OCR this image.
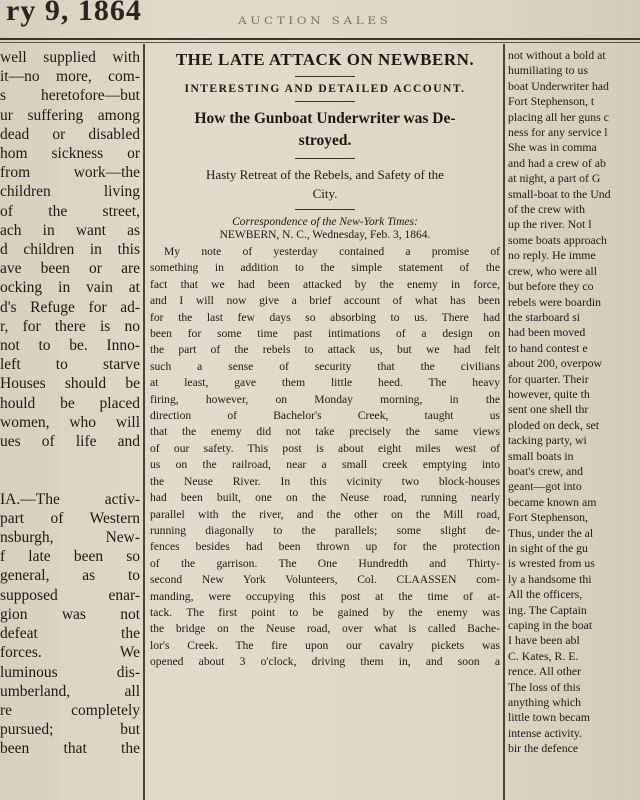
ry 9, 1864	AUCTION SALES
well supplied with
it—no more, com-
s heretofore—but
ur suffering among
dead or disabled
hom sickness or
from work—the
children living
of the street,
ach in want as
d children in this
ave been or are
ocking in vain at
d's Refuge for ad-
r, for there is no
not to be. Inno-
left to starve
Houses should be
hould be placed
women, who will
ues of life and

IA.—The activ-
part of Western
nsburgh, New-
f late been so
general, as to
supposed enar-
gion was not
defeat the
forces. We
luminous dis-
umberland, all
re completely
pursued; but
been that the
THE LATE ATTACK ON NEWBERN.
INTERESTING AND DETAILED ACCOUNT.
How the Gunboat Underwriter was De-
stroyed.
Hasty Retreat of the Rebels, and Safety of the
City.
Correspondence of the New-York Times:
NEWBERN, N. C., Wednesday, Feb. 3, 1864.
My note of yesterday contained a promise of
something in addition to the simple statement of the
fact that we had been attacked by the enemy in force,
and I will now give a brief account of what has been
for the last few days so absorbing to us. There had
been for some time past intimations of a design on
the part of the rebels to attack us, but we had felt
such a sense of security that the civilians
at least, gave them little heed. The heavy
firing, however, on Monday morning, in the
direction of Bachelor's Creek, taught us
that the enemy did not take precisely the same views
of our safety. This post is about eight miles west of
us on the railroad, near a small creek emptying into
the Neuse River. In this vicinity two block-houses
had been built, one on the Neuse road, running nearly
parallel with the river, and the other on the Mill road,
running diagonally to the parallels; some slight de-
fences besides had been thrown up for the protection
of the garrison. The One Hundredth and Thirty-
second New York Volunteers, Col. CLAASSEN com-
manding, were occupying this post at the time of at-
tack. The first point to be gained by the enemy was
the bridge on the Neuse road, over what is called Bache-
lor's Creek. The fire upon our cavalry pickets was
opened about 3 o'clock, driving them in, and soon a
not without a bold at
humiliating to us
boat Underwriter had
Fort Stephenson, t
placing all her guns c
ness for any service l
She was in comma
and had a crew of ab
at night, a part of G
small-boat to the Und
of the crew with
up the river. Not l
some boats approach
no reply. He imme
crew, who were all
but before they co
rebels were boardin
the starboard si
had been moved
to hand contest e
about 200, overpow
for quarter. Their
however, quite th
sent one shell thr
ploded on deck, set
tacking party, wi
small boats in
boat's crew, and
geant—got into
became known am
Fort Stephenson,
Thus, under the al
in sight of the gu
is wrested from us
ly a handsome thi
All the officers,
ing. The Captain
caping in the boat
I have been abl
C. Kates, R. E.
rence. All other
The loss of this
anything which
little town becam
intense activity.
bir the defence
